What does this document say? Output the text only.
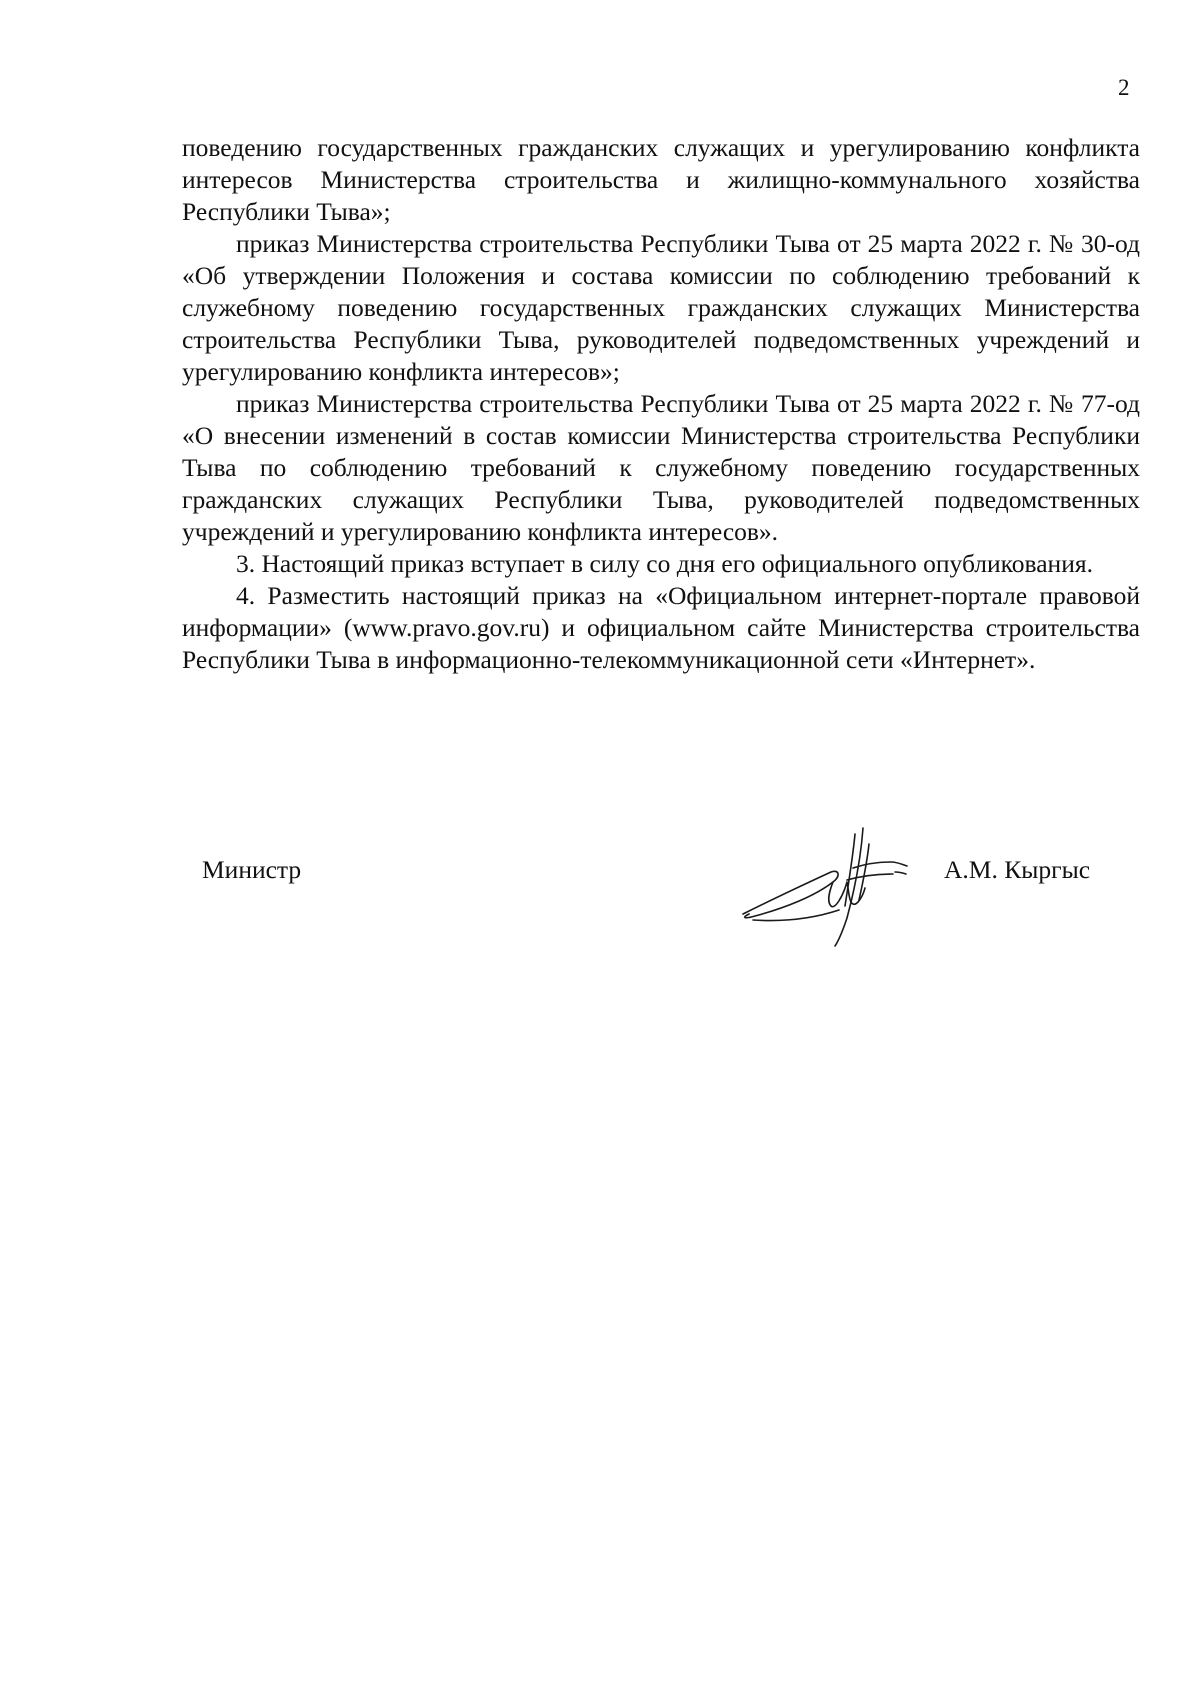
2

поведению государственных гражданских служащих и урегулированию конфликта интересов Министерства строительства и жилищно-коммунального хозяйства Республики Тыва»;

приказ Министерства строительства Республики Тыва от 25 марта 2022 г. № 30-од «Об утверждении Положения и состава комиссии по соблюдению требований к служебному поведению государственных гражданских служащих Министерства строительства Республики Тыва, руководителей подведомственных учреждений и урегулированию конфликта интересов»;

приказ Министерства строительства Республики Тыва от 25 марта 2022 г. № 77-од «О внесении изменений в состав комиссии Министерства строительства Республики Тыва по соблюдению требований к служебному поведению государственных гражданских служащих Республики Тыва, руководителей подведомственных учреждений и урегулированию конфликта интересов».

3. Настоящий приказ вступает в силу со дня его официального опубликования.

4. Разместить настоящий приказ на «Официальном интернет-портале правовой информации» (www.pravo.gov.ru) и официальном сайте Министерства строительства Республики Тыва в информационно-телекоммуникационной сети «Интернет».

Министр	А.М. Кыргыс
